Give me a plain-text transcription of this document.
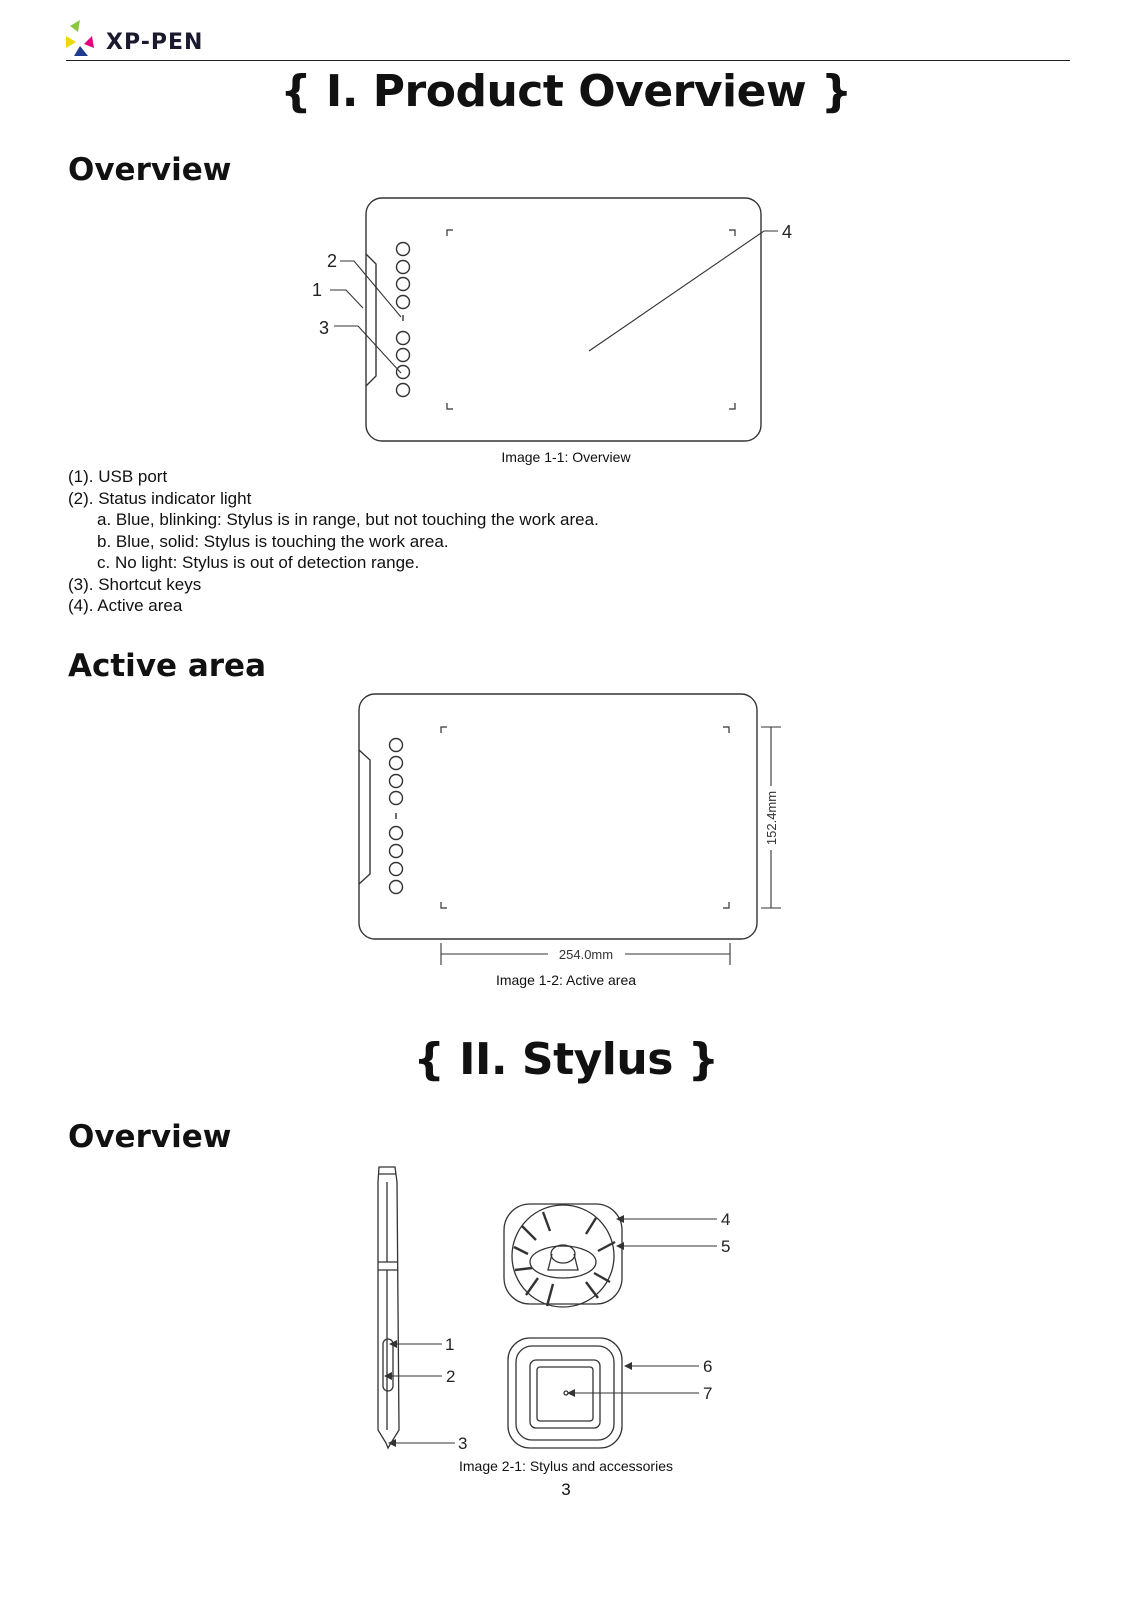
XP-PEN
{ I. Product Overview }
Overview
2
1
3
4
Image 1-1: Overview
(1). USB port
(2). Status indicator light
a. Blue, blinking: Stylus is in range, but not touching the work area.
b. Blue, solid: Stylus is touching the work area.
c. No light: Stylus is out of detection range.
(3). Shortcut keys
(4). Active area
Active area
152.4mm
254.0mm
Image 1-2: Active area
{ II. Stylus }
Overview
1
2
3
4
5
6
7
Image 2-1: Stylus and accessories
3
